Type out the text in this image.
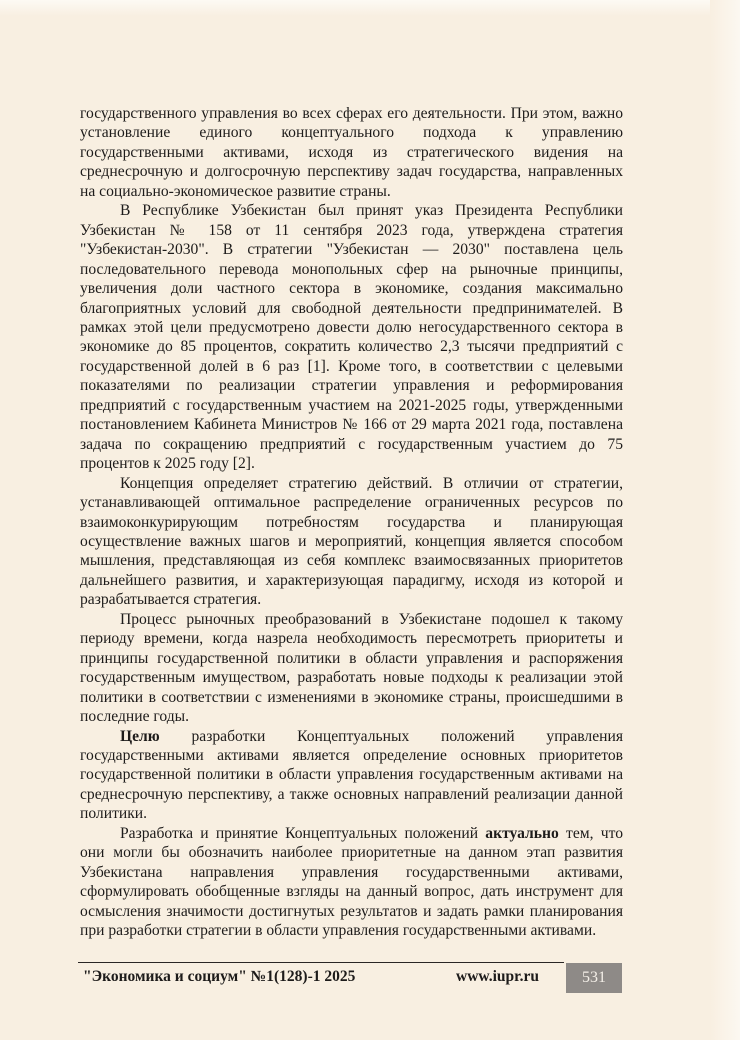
государственного управления во всех сферах его деятельности. При этом, важно установление единого концептуального подхода к управлению государственными активами, исходя из стратегического видения на среднесрочную и долгосрочную перспективу задач государства, направленных на социально-экономическое развитие страны.

В Республике Узбекистан был принят указ Президента Республики Узбекистан № 158 от 11 сентября 2023 года, утверждена стратегия "Узбекистан-2030". В стратегии "Узбекистан — 2030" поставлена цель последовательного перевода монопольных сфер на рыночные принципы, увеличения доли частного сектора в экономике, создания максимально благоприятных условий для свободной деятельности предпринимателей. В рамках этой цели предусмотрено довести долю негосударственного сектора в экономике до 85 процентов, сократить количество 2,3 тысячи предприятий с государственной долей в 6 раз [1]. Кроме того, в соответствии с целевыми показателями по реализации стратегии управления и реформирования предприятий с государственным участием на 2021-2025 годы, утвержденными постановлением Кабинета Министров № 166 от 29 марта 2021 года, поставлена задача по сокращению предприятий с государственным участием до 75 процентов к 2025 году [2].

Концепция определяет стратегию действий. В отличии от стратегии, устанавливающей оптимальное распределение ограниченных ресурсов по взаимоконкурирующим потребностям государства и планирующая осуществление важных шагов и мероприятий, концепция является способом мышления, представляющая из себя комплекс взаимосвязанных приоритетов дальнейшего развития, и характеризующая парадигму, исходя из которой и разрабатывается стратегия.

Процесс рыночных преобразований в Узбекистане подошел к такому периоду времени, когда назрела необходимость пересмотреть приоритеты и принципы государственной политики в области управления и распоряжения государственным имуществом, разработать новые подходы к реализации этой политики в соответствии с изменениями в экономике страны, происшедшими в последние годы.

Целю разработки Концептуальных положений управления государственными активами является определение основных приоритетов государственной политики в области управления государственным активами на среднесрочную перспективу, а также основных направлений реализации данной политики.

Разработка и принятие Концептуальных положений актуально тем, что они могли бы обозначить наиболее приоритетные на данном этап развития Узбекистана направления управления государственными активами, сформулировать обобщенные взгляды на данный вопрос, дать инструмент для осмысления значимости достигнутых результатов и задать рамки планирования при разработки стратегии в области управления государственными активами.

"Экономика и социум" №1(128)-1 2025	www.iupr.ru	531
